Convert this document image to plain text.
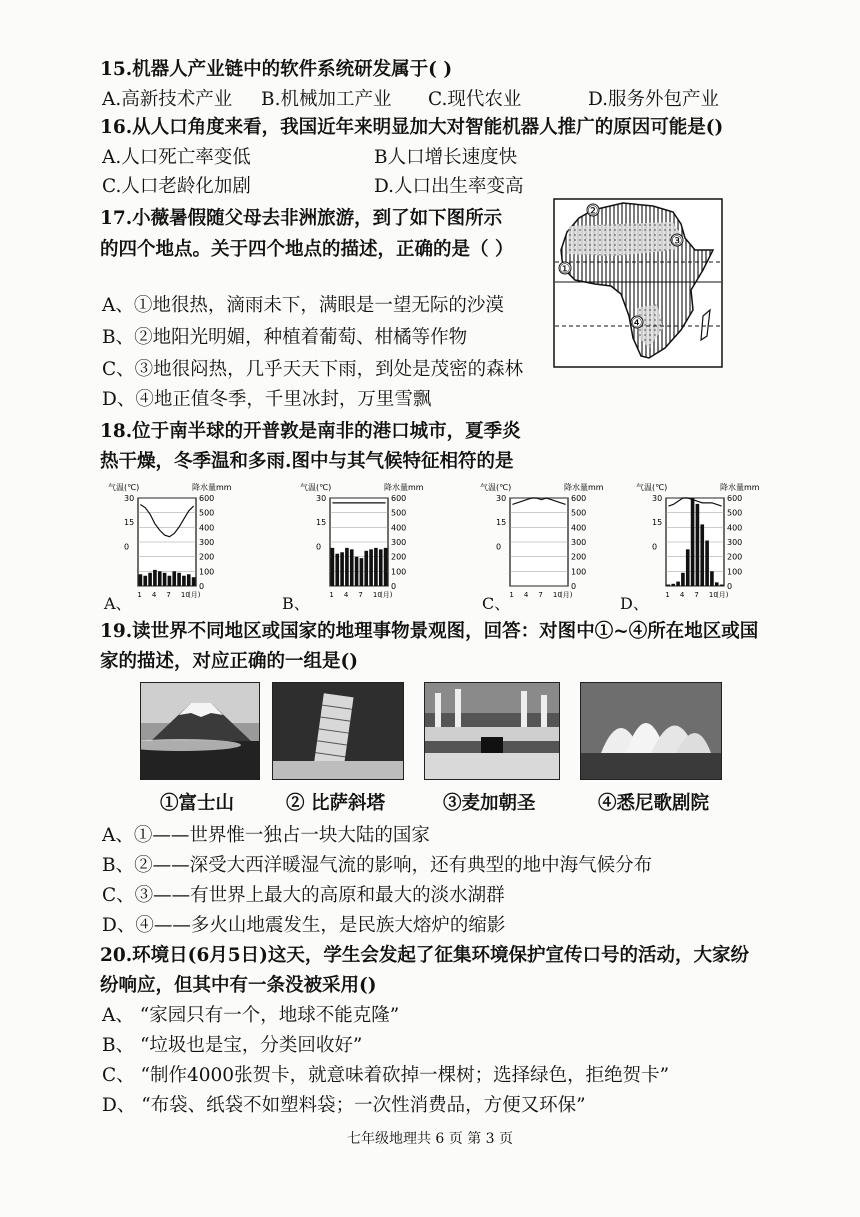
15.机器人产业链中的软件系统研发属于( )
A.高新技术产业 B.机械加工产业 C.现代农业	D.服务外包产业
16.从人口角度来看，我国近年来明显加大对智能机器人推广的原因可能是()
A.人口死亡率变低	B人口增长速度快
C.人口老龄化加剧	D.人口出生率变高
17.小薇暑假随父母去非洲旅游，到了如下图所示
的四个地点。关于四个地点的描述，正确的是（ ）
A、①地很热，滴雨未下，满眼是一望无际的沙漠
B、②地阳光明媚，种植着葡萄、柑橘等作物
C、③地很闷热，几乎天天下雨，到处是茂密的森林
D、④地正值冬季，千里冰封，万里雪飘
②
③
①
④
18.位于南半球的开普敦是南非的港口城市，夏季炎
热干燥，冬季温和多雨.图中与其气候特征相符的是
A、	B、	C、	D、
气温(℃)	降水量mm
600
500
400
300
200
100
0
30
15
0
1 4 7 10
(月)
气温(℃)	降水量mm
600
500
400
300
200
100
0
30
15
0
1 4 7 10
(月)
气温(℃)	降水量mm
600
500
400
300
200
100
0
30
15
0
1 4 7 10
(月)
气温(℃)	降水量mm
600
500
400
300
200
100
0
30
15
0
1 4 7 10
(月)
19.读世界不同地区或国家的地理事物景观图，回答：对图中①~④所在地区或国
家的描述，对应正确的一组是()
①富士山	② 比萨斜塔	③麦加朝圣	④悉尼歌剧院
A、①——世界惟一独占一块大陆的国家
B、②——深受大西洋暖湿气流的影响，还有典型的地中海气候分布
C、③——有世界上最大的高原和最大的淡水湖群
D、④——多火山地震发生，是民族大熔炉的缩影
20.环境日(6月5日)这天，学生会发起了征集环境保护宣传口号的活动，大家纷
纷响应，但其中有一条没被采用()
A、 “家园只有一个，地球不能克隆”
B、 “垃圾也是宝，分类回收好”
C、 “制作4000张贺卡，就意味着砍掉一棵树；选择绿色，拒绝贺卡”
D、 “布袋、纸袋不如塑料袋；一次性消费品，方便又环保”
七年级地理共 6 页 第 3 页
